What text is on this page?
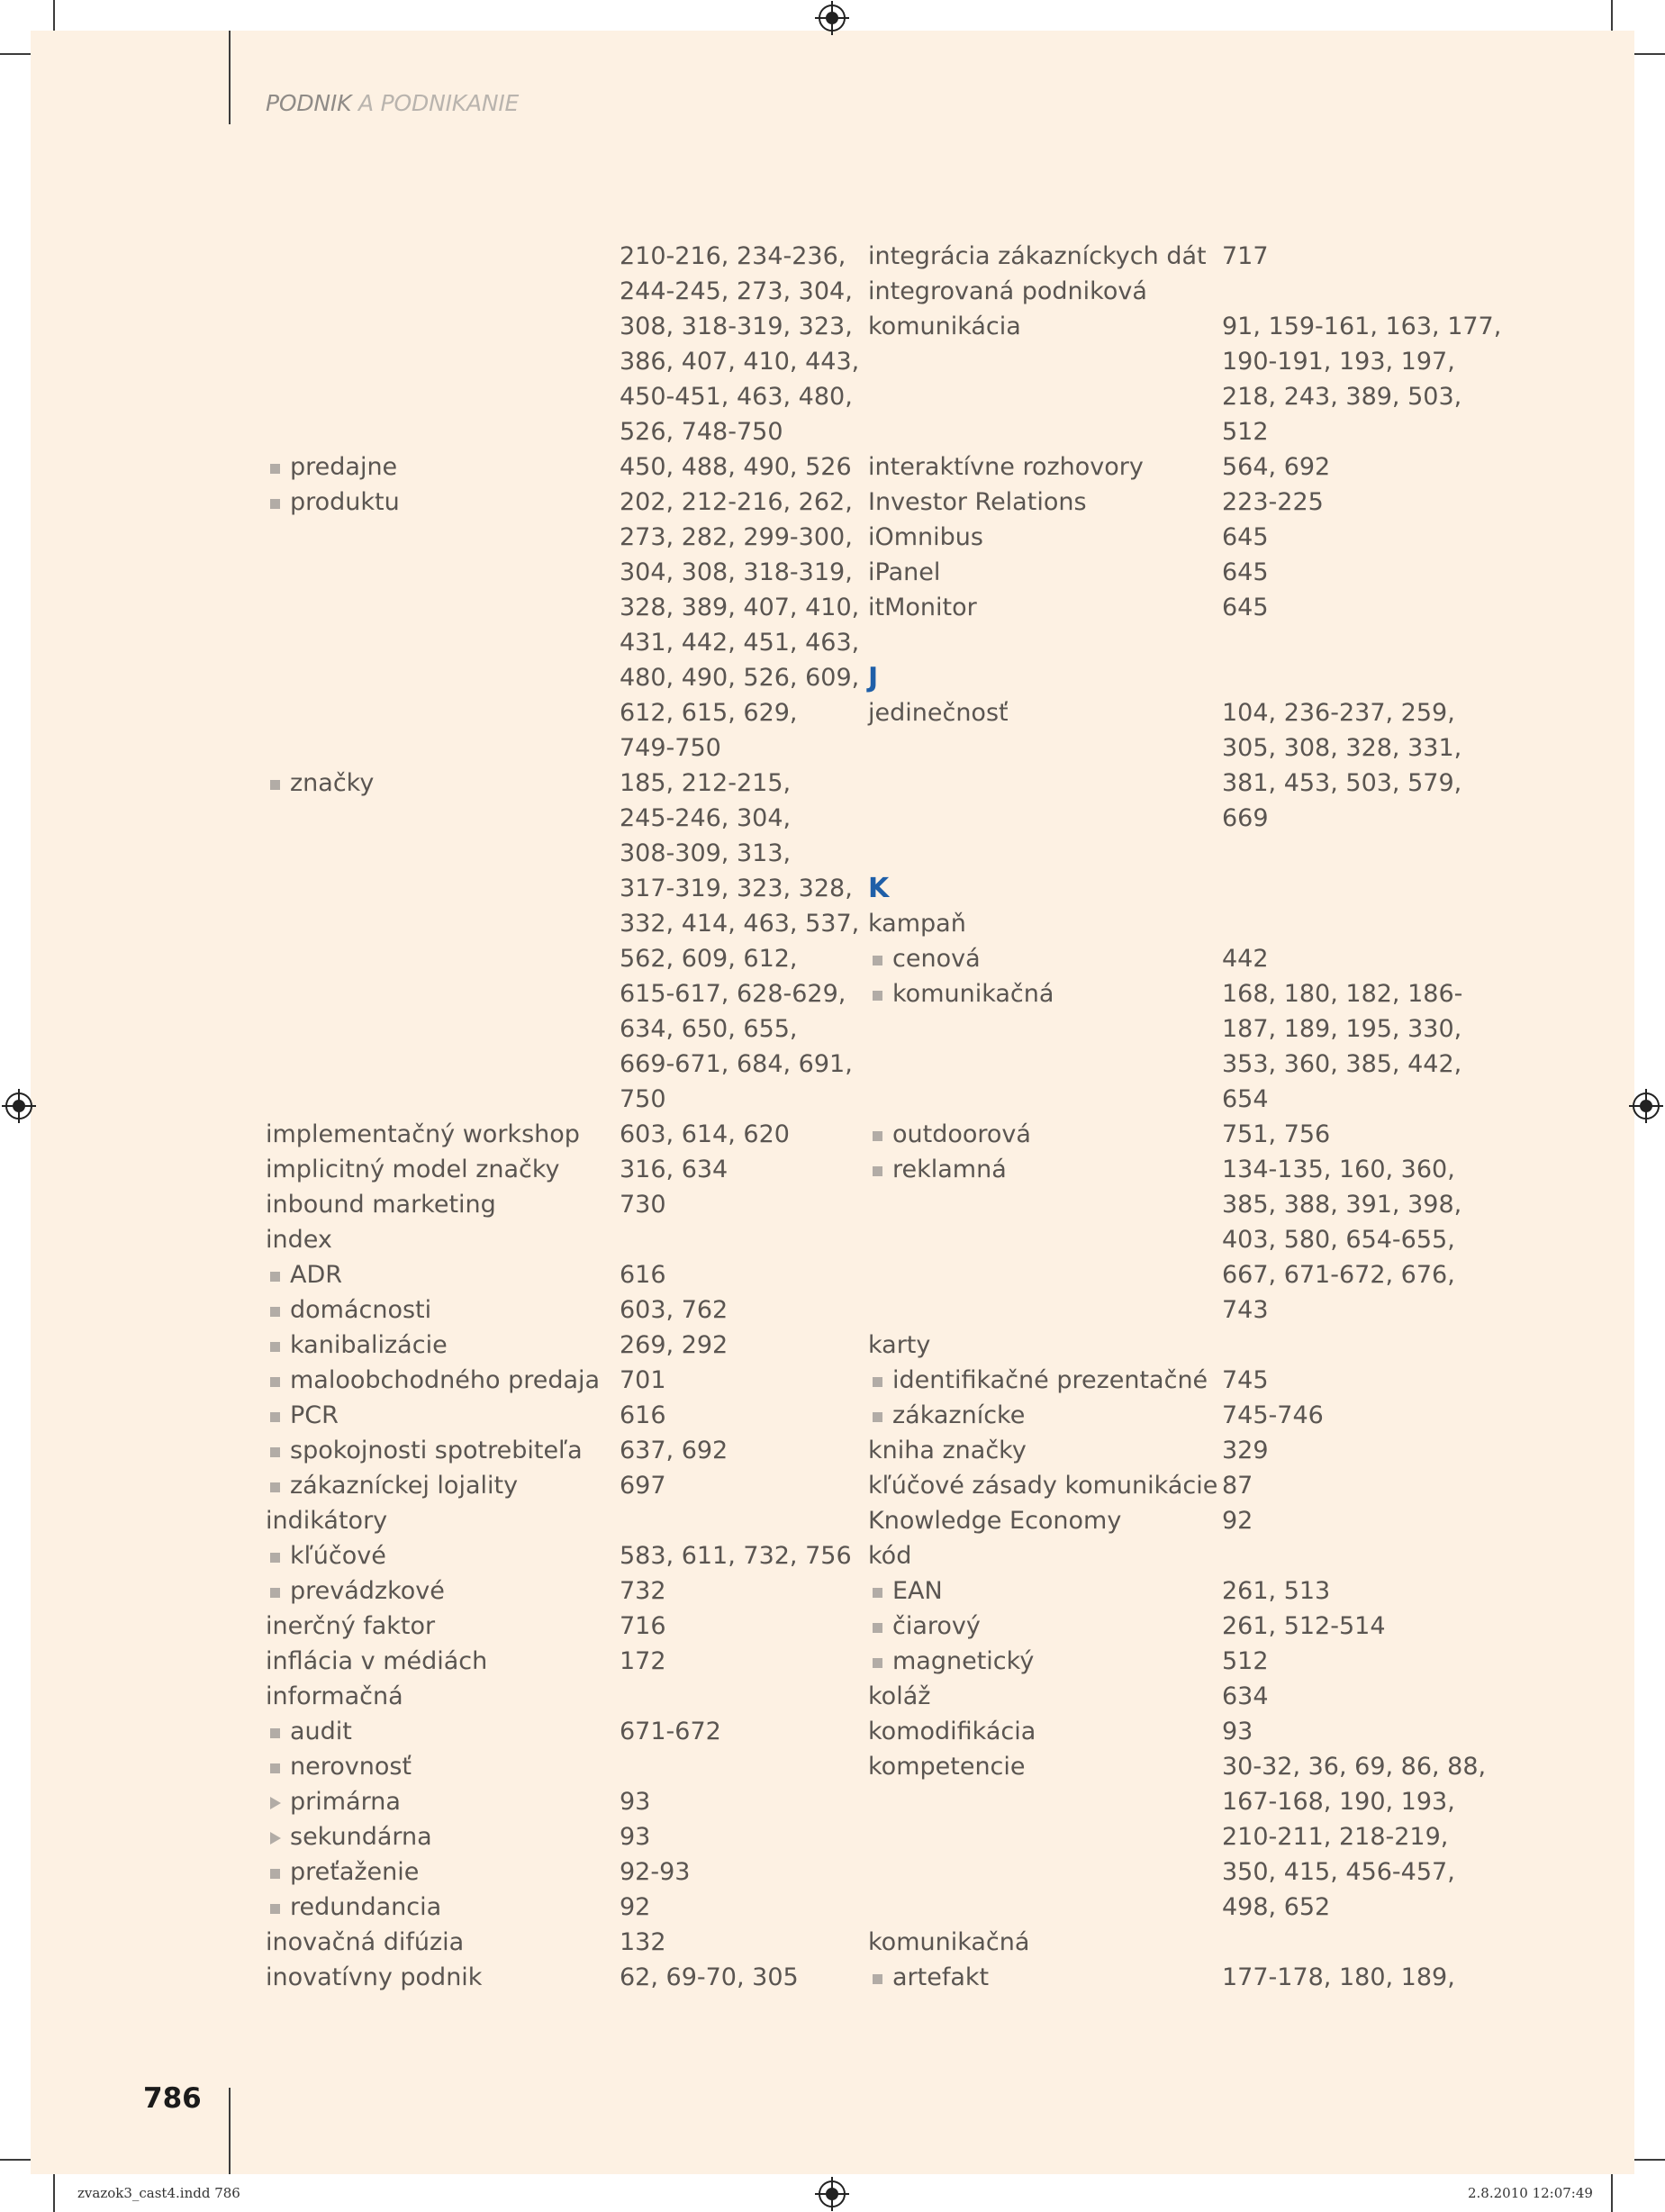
PODNIK A PODNIKANIE
210-216, 234-236,
244-245, 273, 304,
308, 318-319, 323,
386, 407, 410, 443,
450-451, 463, 480,
526, 748-750
predajne	450, 488, 490, 526
produktu	202, 212-216, 262,
273, 282, 299-300,
304, 308, 318-319,
328, 389, 407, 410,
431, 442, 451, 463,
480, 490, 526, 609,
612, 615, 629,
749-750
značky	185, 212-215,
245-246, 304,
308-309, 313,
317-319, 323, 328,
332, 414, 463, 537,
562, 609, 612,
615-617, 628-629,
634, 650, 655,
669-671, 684, 691,
750
implementačný workshop 603, 614, 620
implicitný model značky 316, 634
inbound marketing	730
index
ADR	616
domácnosti	603, 762
kanibalizácie	269, 292
maloobchodného predaja 701
PCR	616
spokojnosti spotrebiteľa 637, 692
zákazníckej lojality	697
indikátory
kľúčové	583, 611, 732, 756
prevádzkové	732
inerčný faktor	716
inflácia v médiách	172
informačná
audit	671-672
nerovnosť
primárna	93
sekundárna	93
preťaženie	92-93
redundancia	92
inovačná difúzia	132
inovatívny podnik	62, 69-70, 305
integrácia zákazníckych dát 717
integrovaná podniková
komunikácia	91, 159-161, 163, 177,
190-191, 193, 197,
218, 243, 389, 503,
512
interaktívne rozhovory	564, 692
Investor Relations	223-225
iOmnibus	645
iPanel	645
itMonitor	645
J
jedinečnosť	104, 236-237, 259,
305, 308, 328, 331,
381, 453, 503, 579,
669
K
kampaň
cenová	442
komunikačná	168, 180, 182, 186-
187, 189, 195, 330,
353, 360, 385, 442,
654
outdoorová	751, 756
reklamná	134-135, 160, 360,
385, 388, 391, 398,
403, 580, 654-655,
667, 671-672, 676,
743
karty
identifikačné prezentačné 745
zákaznícke	745-746
kniha značky	329
kľúčové zásady komunikácie 87
Knowledge Economy	92
kód
EAN	261, 513
čiarový	261, 512-514
magnetický	512
koláž	634
komodifikácia	93
kompetencie	30-32, 36, 69, 86, 88,
167-168, 190, 193,
210-211, 218-219,
350, 415, 456-457,
498, 652
komunikačná
artefakt	177-178, 180, 189,
786
zvazok3_cast4.indd 786	2.8.2010 12:07:49
